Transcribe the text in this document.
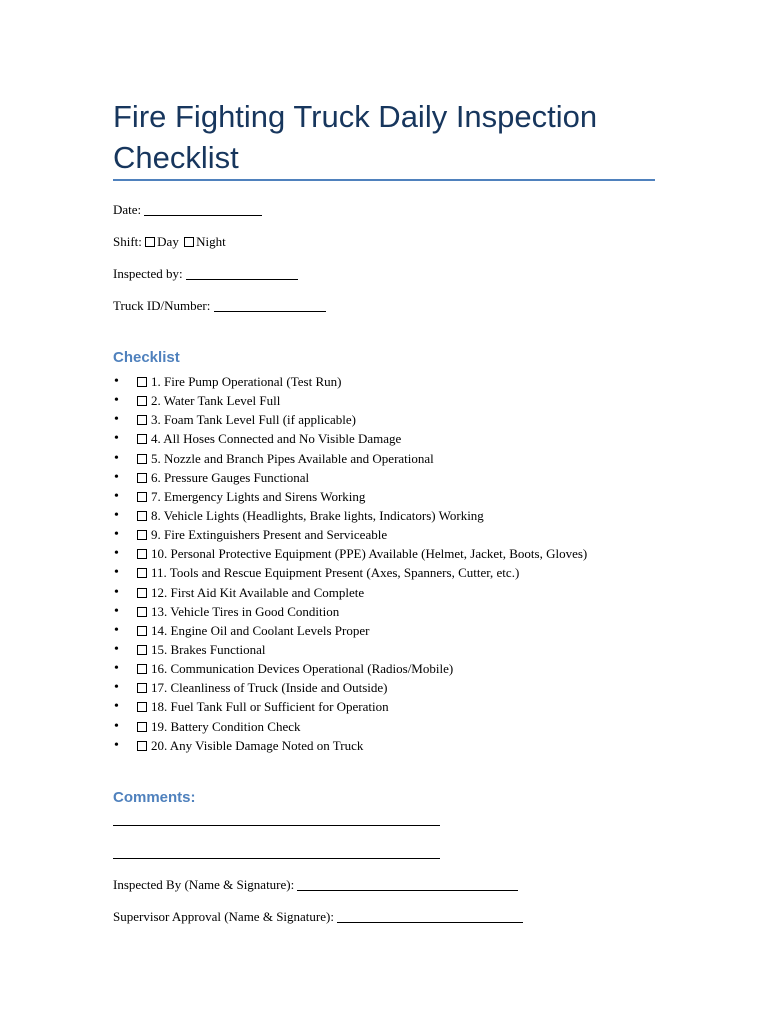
Fire Fighting Truck Daily Inspection Checklist
Date:
Shift: Day Night
Inspected by:
Truck ID/Number:
Checklist
•	1. Fire Pump Operational (Test Run)
•	2. Water Tank Level Full
•	3. Foam Tank Level Full (if applicable)
•	4. All Hoses Connected and No Visible Damage
•	5. Nozzle and Branch Pipes Available and Operational
•	6. Pressure Gauges Functional
•	7. Emergency Lights and Sirens Working
•	8. Vehicle Lights (Headlights, Brake lights, Indicators) Working
•	9. Fire Extinguishers Present and Serviceable
•	10. Personal Protective Equipment (PPE) Available (Helmet, Jacket, Boots, Gloves)
•	11. Tools and Rescue Equipment Present (Axes, Spanners, Cutter, etc.)
•	12. First Aid Kit Available and Complete
•	13. Vehicle Tires in Good Condition
•	14. Engine Oil and Coolant Levels Proper
•	15. Brakes Functional
•	16. Communication Devices Operational (Radios/Mobile)
•	17. Cleanliness of Truck (Inside and Outside)
•	18. Fuel Tank Full or Sufficient for Operation
•	19. Battery Condition Check
•	20. Any Visible Damage Noted on Truck
Comments:
Inspected By (Name & Signature):
Supervisor Approval (Name & Signature):
